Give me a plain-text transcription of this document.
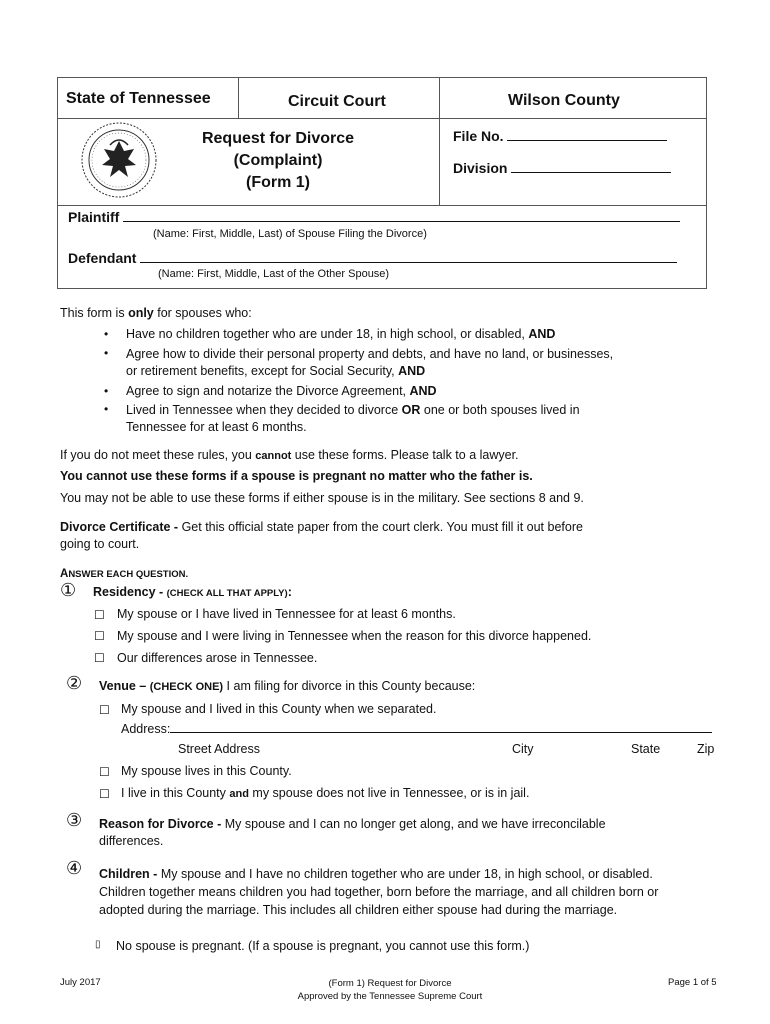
State of Tennessee	Circuit Court	Wilson County
Request for Divorce
(Complaint)
(Form 1)
File No.
Division
Plaintiff
(Name: First, Middle, Last) of Spouse Filing the Divorce)
Defendant
(Name: First, Middle, Last of the Other Spouse)
This form is only for spouses who:
• Have no children together who are under 18, in high school, or disabled, AND
• Agree how to divide their personal property and debts, and have no land, or businesses,
or retirement benefits, except for Social Security, AND
• Agree to sign and notarize the Divorce Agreement, AND
• Lived in Tennessee when they decided to divorce OR one or both spouses lived in
Tennessee for at least 6 months.
If you do not meet these rules, you cannot use these forms. Please talk to a lawyer.
You cannot use these forms if a spouse is pregnant no matter who the father is.
You may not be able to use these forms if either spouse is in the military. See sections 8 and 9.
Divorce Certificate - Get this official state paper from the court clerk. You must fill it out before
going to court.
ANSWER EACH QUESTION.
① Residency - (CHECK ALL THAT APPLY):
☐ My spouse or I have lived in Tennessee for at least 6 months.
☐ My spouse and I were living in Tennessee when the reason for this divorce happened.
☐ Our differences arose in Tennessee.
② Venue – (CHECK ONE) I am filing for divorce in this County because:
☐ My spouse and I lived in this County when we separated.
Address:
Street Address	City	State	Zip
☐ My spouse lives in this County.
☐ I live in this County and my spouse does not live in Tennessee, or is in jail.
③ Reason for Divorce - My spouse and I can no longer get along, and we have irreconcilable
differences.
④ Children - My spouse and I have no children together who are under 18, in high school, or disabled.
Children together means children you had together, born before the marriage, and all children born or
adopted during the marriage. This includes all children either spouse had during the marriage.
▯ No spouse is pregnant. (If a spouse is pregnant, you cannot use this form.)
July 2017	(Form 1) Request for Divorce
Approved by the Tennessee Supreme Court
Page 1 of 5
